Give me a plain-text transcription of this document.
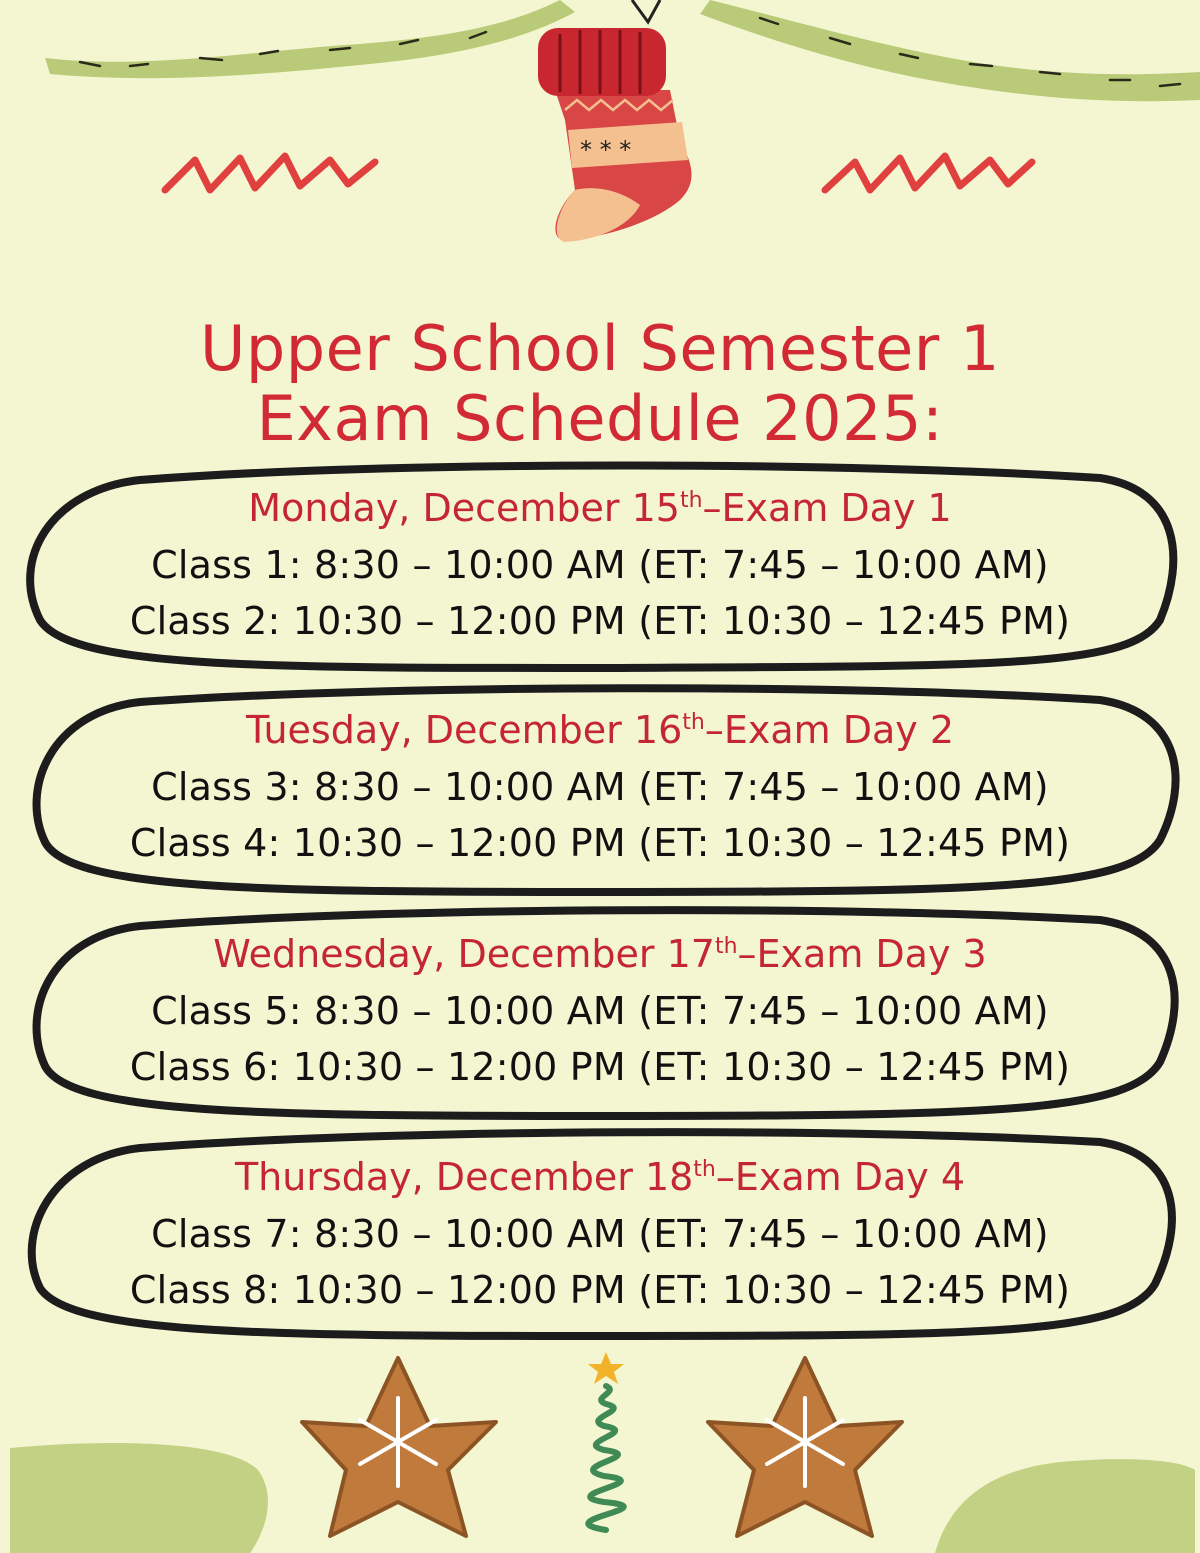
* * *
Upper School Semester 1
Exam Schedule 2025:
Monday, December 15th–Exam Day 1
Class 1: 8:30 – 10:00 AM (ET: 7:45 – 10:00 AM)
Class 2: 10:30 – 12:00 PM (ET: 10:30 – 12:45 PM)
Tuesday, December 16th–Exam Day 2
Class 3: 8:30 – 10:00 AM (ET: 7:45 – 10:00 AM)
Class 4: 10:30 – 12:00 PM (ET: 10:30 – 12:45 PM)
Wednesday, December 17th–Exam Day 3
Class 5: 8:30 – 10:00 AM (ET: 7:45 – 10:00 AM)
Class 6: 10:30 – 12:00 PM (ET: 10:30 – 12:45 PM)
Thursday, December 18th–Exam Day 4
Class 7: 8:30 – 10:00 AM (ET: 7:45 – 10:00 AM)
Class 8: 10:30 – 12:00 PM (ET: 10:30 – 12:45 PM)
